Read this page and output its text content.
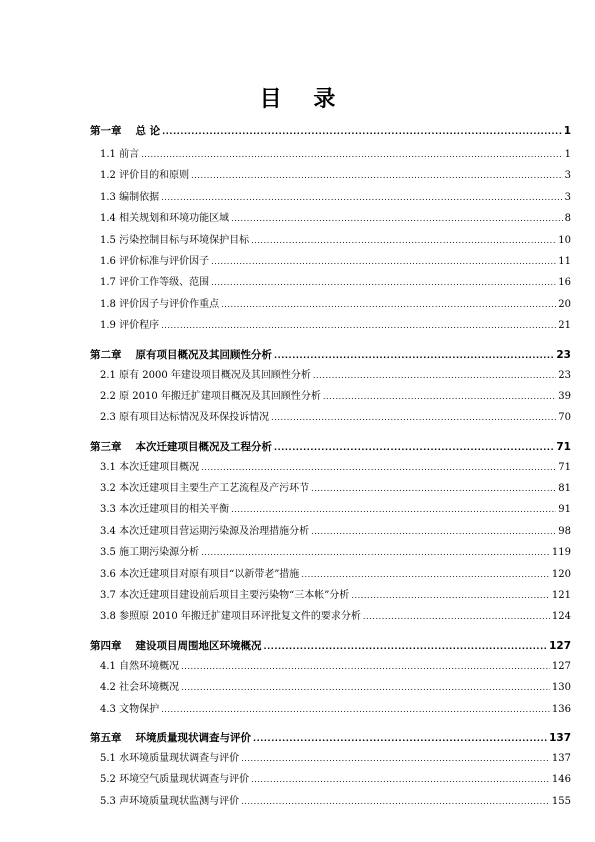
目 录
第一章 总 论 .....	1
1.1 前言 .....	1
1.2 评价目的和原则 .....	3
1.3 编制依据 .....	3
1.4 相关规划和环境功能区域 .....	8
1.5 污染控制目标与环境保护目标 .....	10
1.6 评价标准与评价因子 .....	11
1.7 评价工作等级、范围 .....	16
1.8 评价因子与评价作重点 .....	20
1.9 评价程序 .....	21
第二章 原有项目概况及其回顾性分析 .....	23
2.1 原有 2000 年建设项目概况及其回顾性分析 .....	23
2.2 原 2010 年搬迁扩建项目概况及其回顾性分析 .....	39
2.3 原有项目达标情况及环保投诉情况 .....	70
第三章 本次迁建项目概况及工程分析 .....	71
3.1 本次迁建项目概况 .....	71
3.2 本次迁建项目主要生产工艺流程及产污环节 .....	81
3.3 本次迁建项目的相关平衡 .....	91
3.4 本次迁建项目营运期污染源及治理措施分析 .....	98
3.5 施工期污染源分析 .....	119
3.6 本次迁建项目对原有项目“以新带老”措施 .....	120
3.7 本次迁建项目建设前后项目主要污染物“三本帐”分析 .....	121
3.8 参照原 2010 年搬迁扩建项目环评批复文件的要求分析 .....	124
第四章 建设项目周围地区环境概况 .....	127
4.1 自然环境概况 .....	127
4.2 社会环境概况 .....	130
4.3 文物保护 .....	136
第五章 环境质量现状调查与评价 .....	137
5.1 水环境质量现状调查与评价 .....	137
5.2 环境空气质量现状调查与评价 .....	146
5.3 声环境质量现状监测与评价 .....	155
